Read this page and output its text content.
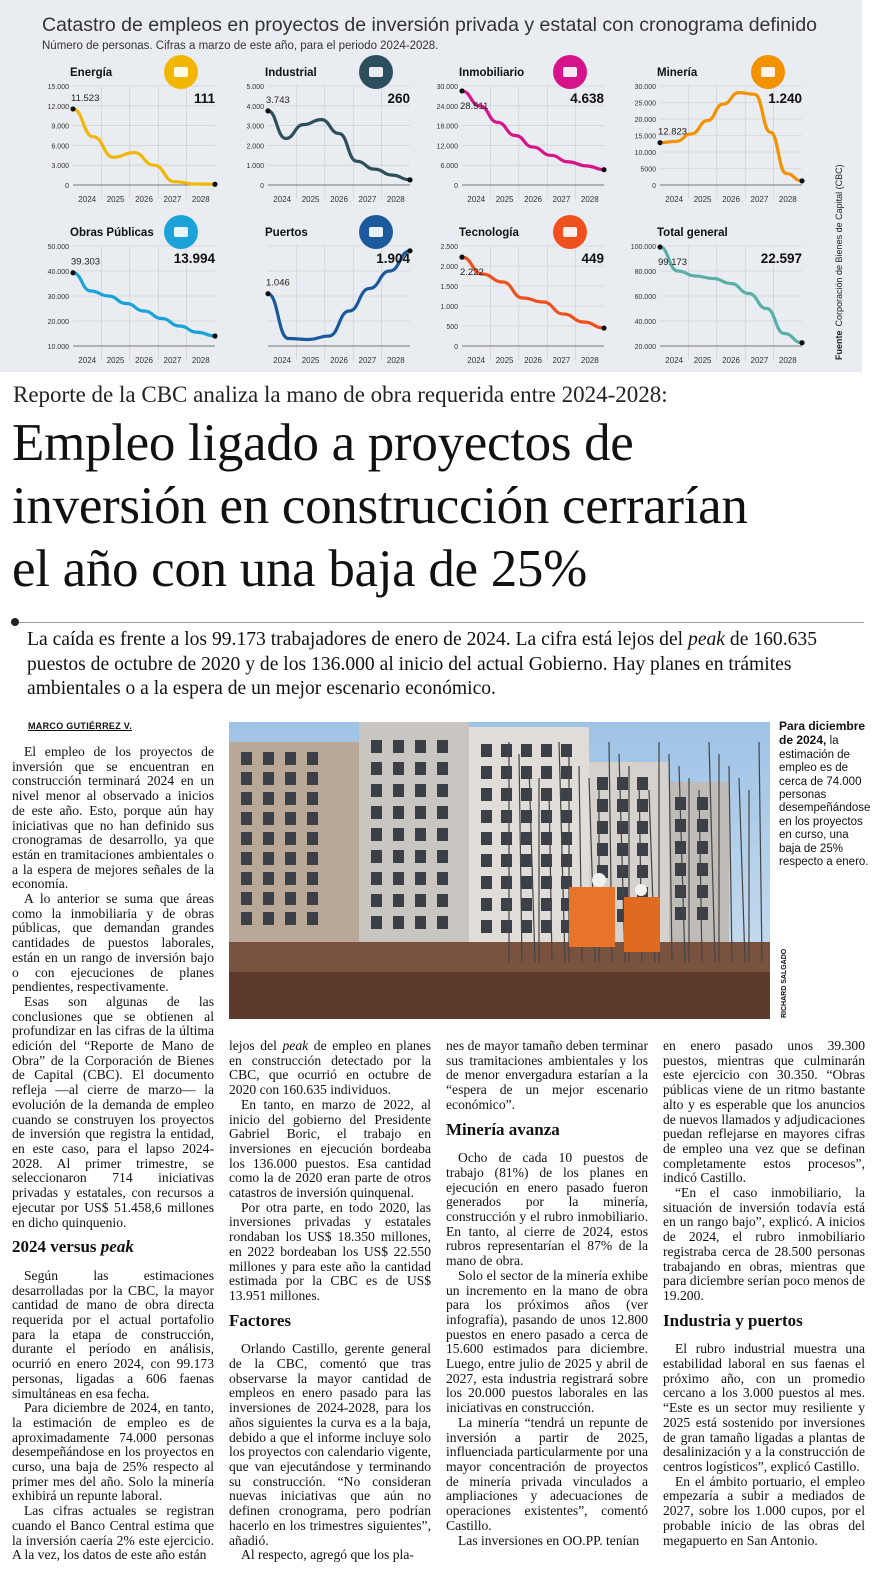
Catastro de empleos en proyectos de inversión privada y estatal con cronograma definido
Número de personas. Cifras a marzo de este año, para el periodo 2024-2028.
15.000
12.000
9.000
6.000
3.000
0
2024 2025 2026 2027 2028
Energía
11.523	111
5.000
4.000
3.000
2.000
1.000
0
2024 2025 2026 2027 2028
Industrial
3.743	260
30.000
24.000
18.000
12.000
6.000
0
2024 2025 2026 2027 2028
Inmobiliario
28.511
4.638
30.000
25.000
20.000
15.000
10.000
5000
0
2024 2025 2026 2027 2028
Minería
12.823
1.240
50.000
40.000
30.000
20.000
10.000
2024 2025 2026 2027 2028
Obras Públicas
39.303	13.994
2024 2025 2026 2027 2028
Puertos
1.046
1.904
2.500
2.000
1.500
1.000
500
0
2024 2025 2026 2027 2028
Tecnología
2.222
449
100.000
80.000
60.000
40.000
20.000
2024 2025 2026 2027 2028
Total general
99.173	22.597
FuenteCorporación de Bienes de Capital (CBC)
Reporte de la CBC analiza la mano de obra requerida entre 2024-2028:
Empleo ligado a proyectos de
inversión en construcción cerrarían
el año con una baja de 25%
La caída es frente a los 99.173 trabajadores de enero de 2024. La cifra está lejos del peak de 160.635 puestos de octubre de 2020 y de los 136.000 al inicio del actual Gobierno. Hay planes en trámites ambientales o a la espera de un mejor escenario económico.
MARCO GUTIÉRREZ V.

El empleo de los proyectos de inversión que se encuentran en construcción terminará 2024 en un nivel menor al observado a inicios de este año. Esto, porque aún hay iniciativas que no han definido sus cronogramas de desarrollo, ya que están en tramitaciones ambientales o a la espera de mejores señales de la economía.

A lo anterior se suma que áreas como la inmobiliaria y de obras públicas, que demandan grandes cantidades de puestos laborales, están en un rango de inversión bajo o con ejecuciones de planes pendientes, respectivamente.

Esas son algunas de las conclusiones que se obtienen al profundizar en las cifras de la última edición del “Reporte de Mano de Obra” de la Corporación de Bienes de Capital (CBC). El documento refleja —al cierre de marzo— la evolución de la demanda de empleo cuando se construyen los proyectos de inversión que registra la entidad, en este caso, para el lapso 2024-2028. Al primer trimestre, se seleccionaron 714 iniciativas privadas y estatales, con recursos a ejecutar por US$ 51.458,6 millones en dicho quinquenio.

2024 versus peak

Según las estimaciones desarrolladas por la CBC, la mayor cantidad de mano de obra directa requerida por el actual portafolio para la etapa de construcción, durante el período en análisis, ocurrió en enero 2024, con 99.173 personas, ligadas a 606 faenas simultáneas en esa fecha.

Para diciembre de 2024, en tanto, la estimación de empleo es de aproximadamente 74.000 personas desempeñándose en los proyectos en curso, una baja de 25% respecto al primer mes del año. Solo la minería exhibirá un repunte laboral.

Las cifras actuales se registran cuando el Banco Central estima que la inversión caería 2% este ejercicio. A la vez, los datos de este año están

RICHARD SALGADO
Para diciembre de 2024, la estimación de empleo es de cerca de 74.000 personas desempeñándose en los proyectos en curso, una baja de 25% respecto a enero.

lejos del peak de empleo en planes en construcción detectado por la CBC, que ocurrió en octubre de 2020 con 160.635 individuos.

En tanto, en marzo de 2022, al inicio del gobierno del Presidente Gabriel Boric, el trabajo en inversiones en ejecución bordeaba los 136.000 puestos. Esa cantidad como la de 2020 eran parte de otros catastros de inversión quinquenal.

Por otra parte, en todo 2020, las inversiones privadas y estatales rondaban los US$ 18.350 millones, en 2022 bordeaban los US$ 22.550 millones y para este año la cantidad estimada por la CBC es de US$ 13.951 millones.

Factores

Orlando Castillo, gerente general de la CBC, comentó que tras observarse la mayor cantidad de empleos en enero pasado para las inversiones de 2024-2028, para los años siguientes la curva es a la baja, debido a que el informe incluye solo los proyectos con calendario vigente, que van ejecutándose y terminando su construcción. “No consideran nuevas iniciativas que aún no definen cronograma, pero podrían hacerlo en los trimestres siguientes”, añadió.

Al respecto, agregó que los pla-

nes de mayor tamaño deben terminar sus tramitaciones ambientales y los de menor envergadura estarían a la “espera de un mejor escenario económico”.

Minería avanza

Ocho de cada 10 puestos de trabajo (81%) de los planes en ejecución en enero pasado fueron generados por la minería, construcción y el rubro inmobiliario. En tanto, al cierre de 2024, estos rubros representarían el 87% de la mano de obra.

Solo el sector de la minería exhibe un incremento en la mano de obra para los próximos años (ver infografía), pasando de unos 12.800 puestos en enero pasado a cerca de 15.600 estimados para diciembre. Luego, entre julio de 2025 y abril de 2027, esta industria registrará sobre los 20.000 puestos laborales en las iniciativas en construcción.

La minería “tendrá un repunte de inversión a partir de 2025, influenciada particularmente por una mayor concentración de proyectos de minería privada vinculados a ampliaciones y adecuaciones de operaciones existentes”, comentó Castillo.

Las inversiones en OO.PP. tenían

en enero pasado unos 39.300 puestos, mientras que culminarán este ejercicio con 30.350. “Obras públicas viene de un ritmo bastante alto y es esperable que los anuncios de nuevos llamados y adjudicaciones puedan reflejarse en mayores cifras de empleo una vez que se definan completamente estos procesos”, indicó Castillo.

“En el caso inmobiliario, la situación de inversión todavía está en un rango bajo”, explicó. A inicios de 2024, el rubro inmobiliario registraba cerca de 28.500 personas trabajando en obras, mientras que para diciembre serían poco menos de 19.200.

Industria y puertos

El rubro industrial muestra una estabilidad laboral en sus faenas el próximo año, con un promedio cercano a los 3.000 puestos al mes. “Este es un sector muy resiliente y 2025 está sostenido por inversiones de gran tamaño ligadas a plantas de desalinización y a la construcción de centros logísticos”, explicó Castillo.

En el ámbito portuario, el empleo empezaría a subir a mediados de 2027, sobre los 1.000 cupos, por el probable inicio de las obras del megapuerto en San Antonio.
